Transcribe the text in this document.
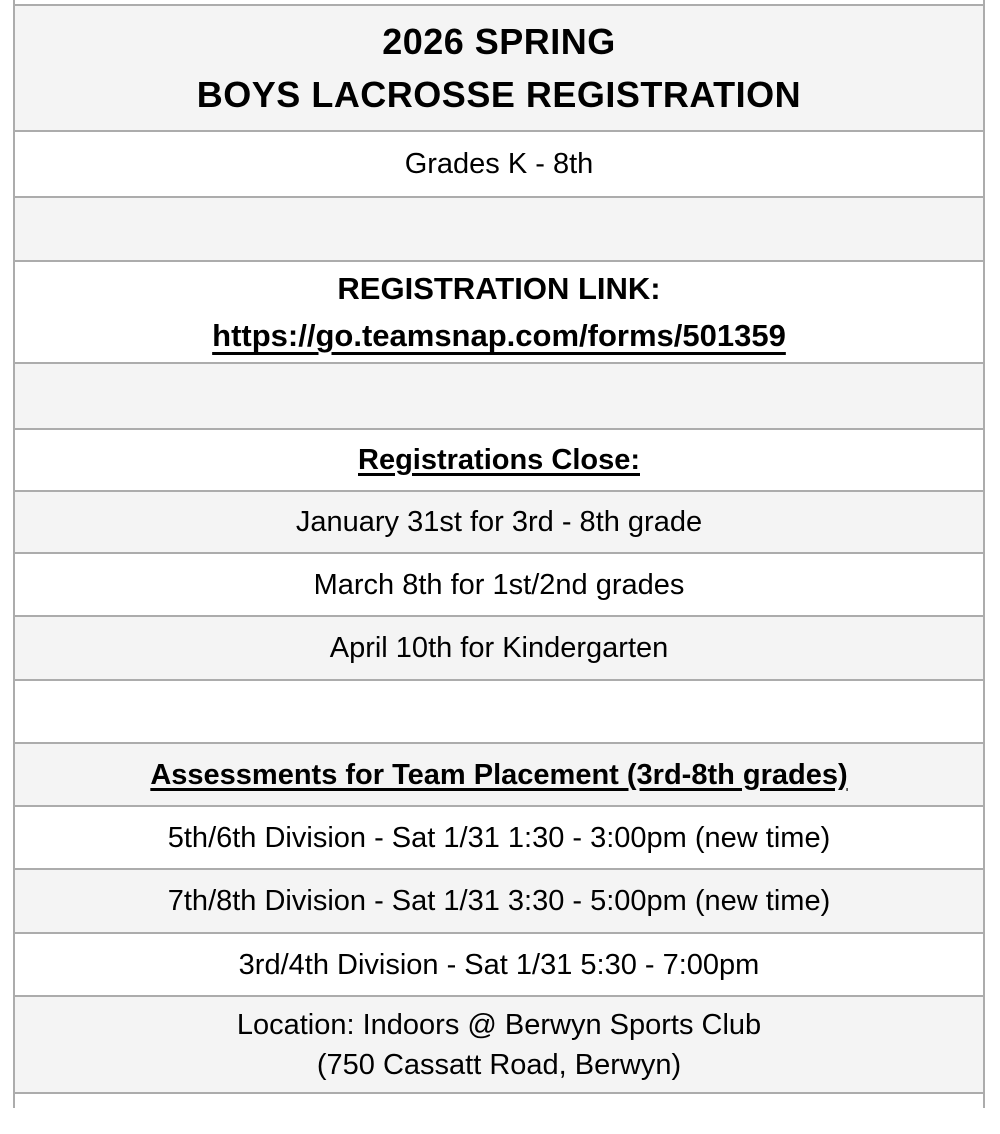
2026 SPRING
BOYS LACROSSE REGISTRATION
Grades K - 8th
REGISTRATION LINK:
https://go.teamsnap.com/forms/501359
Registrations Close:
January 31st for 3rd - 8th grade
March 8th for 1st/2nd grades
April 10th for Kindergarten
Assessments for Team Placement (3rd-8th grades)
5th/6th Division - Sat 1/31 1:30 - 3:00pm (new time)
7th/8th Division - Sat 1/31 3:30 - 5:00pm (new time)
3rd/4th Division - Sat 1/31 5:30 - 7:00pm
Location: Indoors @ Berwyn Sports Club
(750 Cassatt Road, Berwyn)
